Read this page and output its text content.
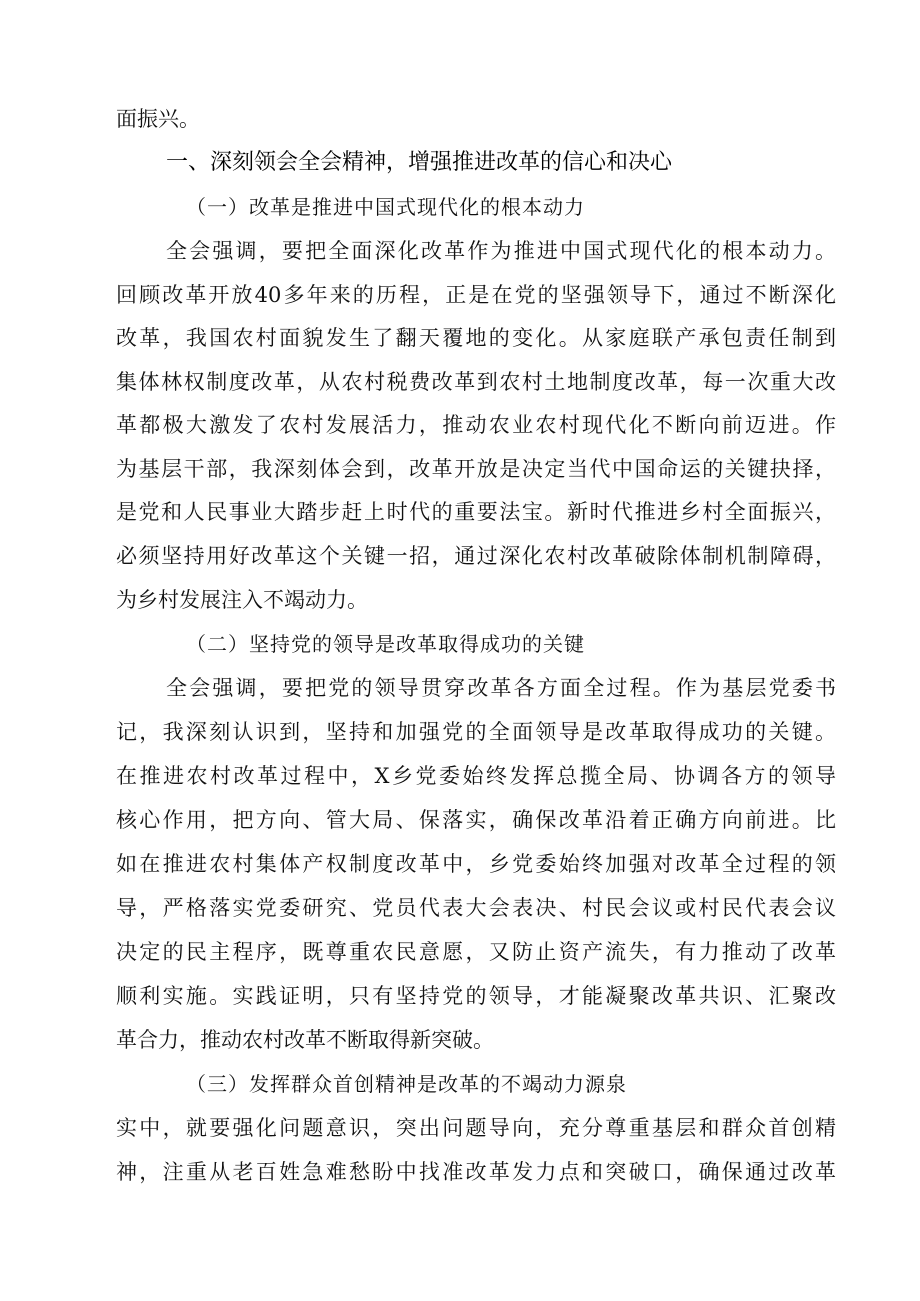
面振兴。
一、深刻领会全会精神，增强推进改革的信心和决心
（一）改革是推进中国式现代化的根本动力
全会强调，要把全面深化改革作为推进中国式现代化的根本动力。
回顾改革开放40多年来的历程，正是在党的坚强领导下，通过不断深化
改革，我国农村面貌发生了翻天覆地的变化。从家庭联产承包责任制到
集体林权制度改革，从农村税费改革到农村土地制度改革，每一次重大改
革都极大激发了农村发展活力，推动农业农村现代化不断向前迈进。作
为基层干部，我深刻体会到，改革开放是决定当代中国命运的关键抉择，
是党和人民事业大踏步赶上时代的重要法宝。新时代推进乡村全面振兴，
必须坚持用好改革这个关键一招，通过深化农村改革破除体制机制障碍，
为乡村发展注入不竭动力。
（二）坚持党的领导是改革取得成功的关键
全会强调，要把党的领导贯穿改革各方面全过程。作为基层党委书
记，我深刻认识到，坚持和加强党的全面领导是改革取得成功的关键。
在推进农村改革过程中，X乡党委始终发挥总揽全局、协调各方的领导
核心作用，把方向、管大局、保落实，确保改革沿着正确方向前进。比
如在推进农村集体产权制度改革中，乡党委始终加强对改革全过程的领
导，严格落实党委研究、党员代表大会表决、村民会议或村民代表会议
决定的民主程序，既尊重农民意愿，又防止资产流失，有力推动了改革
顺利实施。实践证明，只有坚持党的领导，才能凝聚改革共识、汇聚改
革合力，推动农村改革不断取得新突破。
（三）发挥群众首创精神是改革的不竭动力源泉
实中，就要强化问题意识，突出问题导向，充分尊重基层和群众首创精
神，注重从老百姓急难愁盼中找准改革发力点和突破口，确保通过改革
